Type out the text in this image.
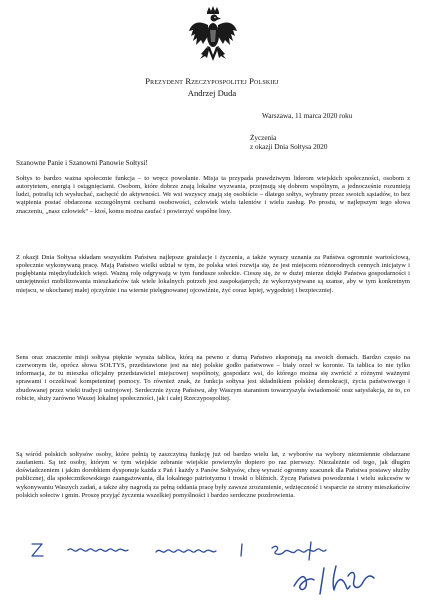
Prezydent Rzeczypospolitej Polskiej
Andrzej Duda
Warszawa, 11 marca 2020 roku
Życzenia
z okazji Dnia Sołtysa 2020
Szanowne Panie i Szanowni Panowie Sołtysi!
Sołtys to bardzo ważna społecznie funkcja – to wręcz powołanie. Misja ta przypada prawdziwym liderom wiejskich społeczności, osobom z autorytetem, energią i osiągnięciami. Osobom, które dobrze znają lokalne wyzwania, przejmują się dobrem wspólnym, a jednocześnie rozumieją ludzi, potrafią ich wysłuchać, zachęcić do aktywności. We wsi wszyscy znają się osobiście – dlatego sołtys, wybrany przez swoich sąsiadów, to bez wątpienia postać obdarzona szczególnymi cechami osobowości, człowiek wielu talentów i wielu zasług. Po prostu, w najlepszym tego słowa znaczeniu, „nasz człowiek” – ktoś, komu można zaufać i powierzyć wspólne losy.
Z okazji Dnia Sołtysa składam wszystkim Państwu najlepsze gratulacje i życzenia, a także wyrazy uznania za Państwa ogromnie wartościową, społecznie wykonywaną pracę. Mają Państwo wielki udział w tym, że polska wieś rozwija się, że jest miejscem różnorodnych cennych inicjatyw i pogłębiania międzyludzkich więzi. Ważną rolę odgrywają w tym fundusze sołeckie. Cieszę się, że w dużej mierze dzięki Państwa gospodarności i umiejętności mobilizowania mieszkańców tak wiele lokalnych potrzeb jest zaspokajanych; że wykorzystywane są szanse, aby w tym konkretnym miejscu, w ukochanej małej ojczyźnie i na wiernie pielęgnowanej ojcowiźnie, żyć coraz lepiej, wygodniej i bezpieczniej.
Sens oraz znaczenie misji sołtysa pięknie wyraża tablica, którą na pewno z dumą Państwo eksponują na swoich domach. Bardzo często na czerwonym tle, oprócz słowa SOŁTYS, przedstawione jest na niej polskie godło państwowe – biały orzeł w koronie. Ta tablica to nie tylko informacja, że tu mieszka oficjalny przedstawiciel miejscowej wspólnoty, gospodarz wsi, do którego można się zwrócić z różnymi ważnymi sprawami i oczekiwać kompetentnej pomocy. To również znak, że funkcja sołtysa jest składnikiem polskiej demokracji, życia państwowego i zbudowanej przez wieki tradycji ustrojowej. Serdecznie życzę Państwu, aby Waszym staraniom towarzyszyła świadomość oraz satysfakcja, że to, co robicie, służy zarówno Waszej lokalnej społeczności, jak i całej Rzeczypospolitej.
Są wśród polskich sołtysów osoby, które pełnią tę zaszczytną funkcję już od bardzo wielu lat, z wyborów na wybory niezmiennie obdarzane zaufaniem. Są też osoby, którym w tym wiejskie zebranie wiejskie powierzyło dopiero po raz pierwszy. Niezależnie od tego, jak długim doświadczeniem i jakim dorobkiem dysponuje każda z Pań i każdy z Panów Sołtysów, chcę wyrazić ogromny szacunek dla Państwa postawy służby publicznej, dla społecznikowskiego zaangażowania, dla lokalnego patriotyzmu i troski o bliźnich. Życzę Państwu powodzenia i wielu sukcesów w wykonywaniu Waszych zadań, a także aby nagrodą za pełną oddania pracę były zawsze zrozumienie, wdzięczność i wsparcie ze strony mieszkańców polskich sołectw i gmin. Proszę przyjąć życzenia wszelkiej pomyślności i bardzo serdeczne pozdrowienia.
